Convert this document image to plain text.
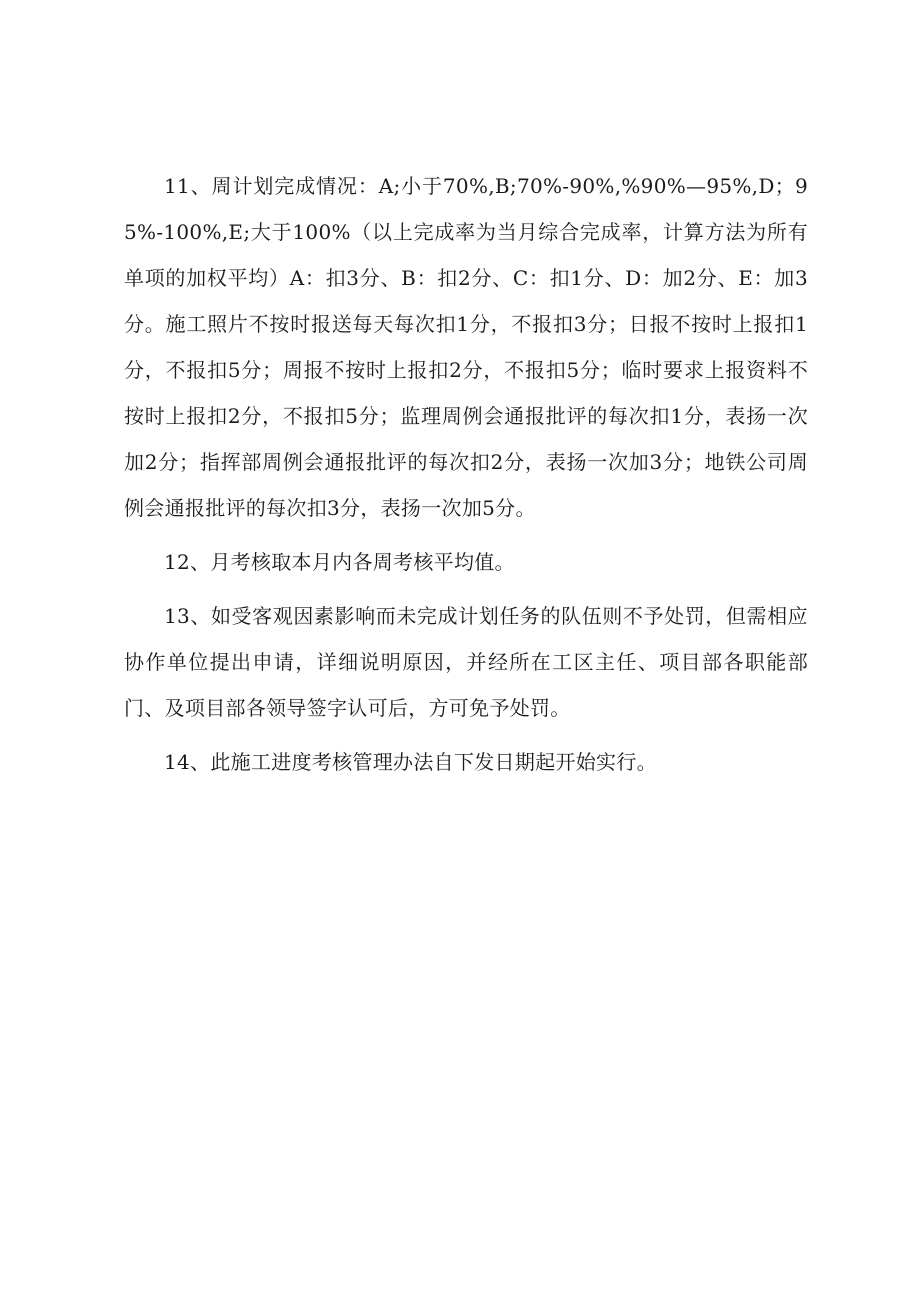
11、周计划完成情况：A;小于70%,B;70%-90%,%90%—95%,D；95%-100%,E;大于100%（以上完成率为当月综合完成率，计算方法为所有单项的加权平均）A：扣3分、B：扣2分、C：扣1分、D：加2分、E：加3分。施工照片不按时报送每天每次扣1分，不报扣3分；日报不按时上报扣1分，不报扣5分；周报不按时上报扣2分，不报扣5分；临时要求上报资料不按时上报扣2分，不报扣5分；监理周例会通报批评的每次扣1分，表扬一次加2分；指挥部周例会通报批评的每次扣2分，表扬一次加3分；地铁公司周例会通报批评的每次扣3分，表扬一次加5分。

12、月考核取本月内各周考核平均值。

13、如受客观因素影响而未完成计划任务的队伍则不予处罚，但需相应协作单位提出申请，详细说明原因，并经所在工区主任、项目部各职能部门、及项目部各领导签字认可后，方可免予处罚。

14、此施工进度考核管理办法自下发日期起开始实行。
